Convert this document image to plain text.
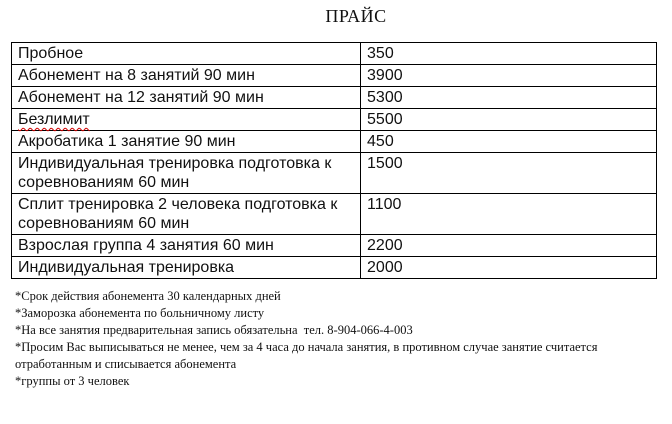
ПРАЙС
Пробное	350
Абонемент на 8 занятий 90 мин	3900
Абонемент на 12 занятий 90 мин	5300
Безлимит	5500
Акробатика 1 занятие 90 мин	450
Индивидуальная тренировка подготовка к соревнованиям 60 мин	1500
Сплит тренировка 2 человека подготовка к соревнованиям 60 мин	1100
Взрослая группа 4 занятия 60 мин	2200
Индивидуальная тренировка	2000
*Срок действия абонемента 30 календарных дней
*Заморозка абонемента по больничному листу
*На все занятия предварительная запись обязательна  тел. 8-904-066-4-003
*Просим Вас выписываться не менее, чем за 4 часа до начала занятия, в противном случае занятие считается отработанным и списывается абонемента
*группы от 3 человек
